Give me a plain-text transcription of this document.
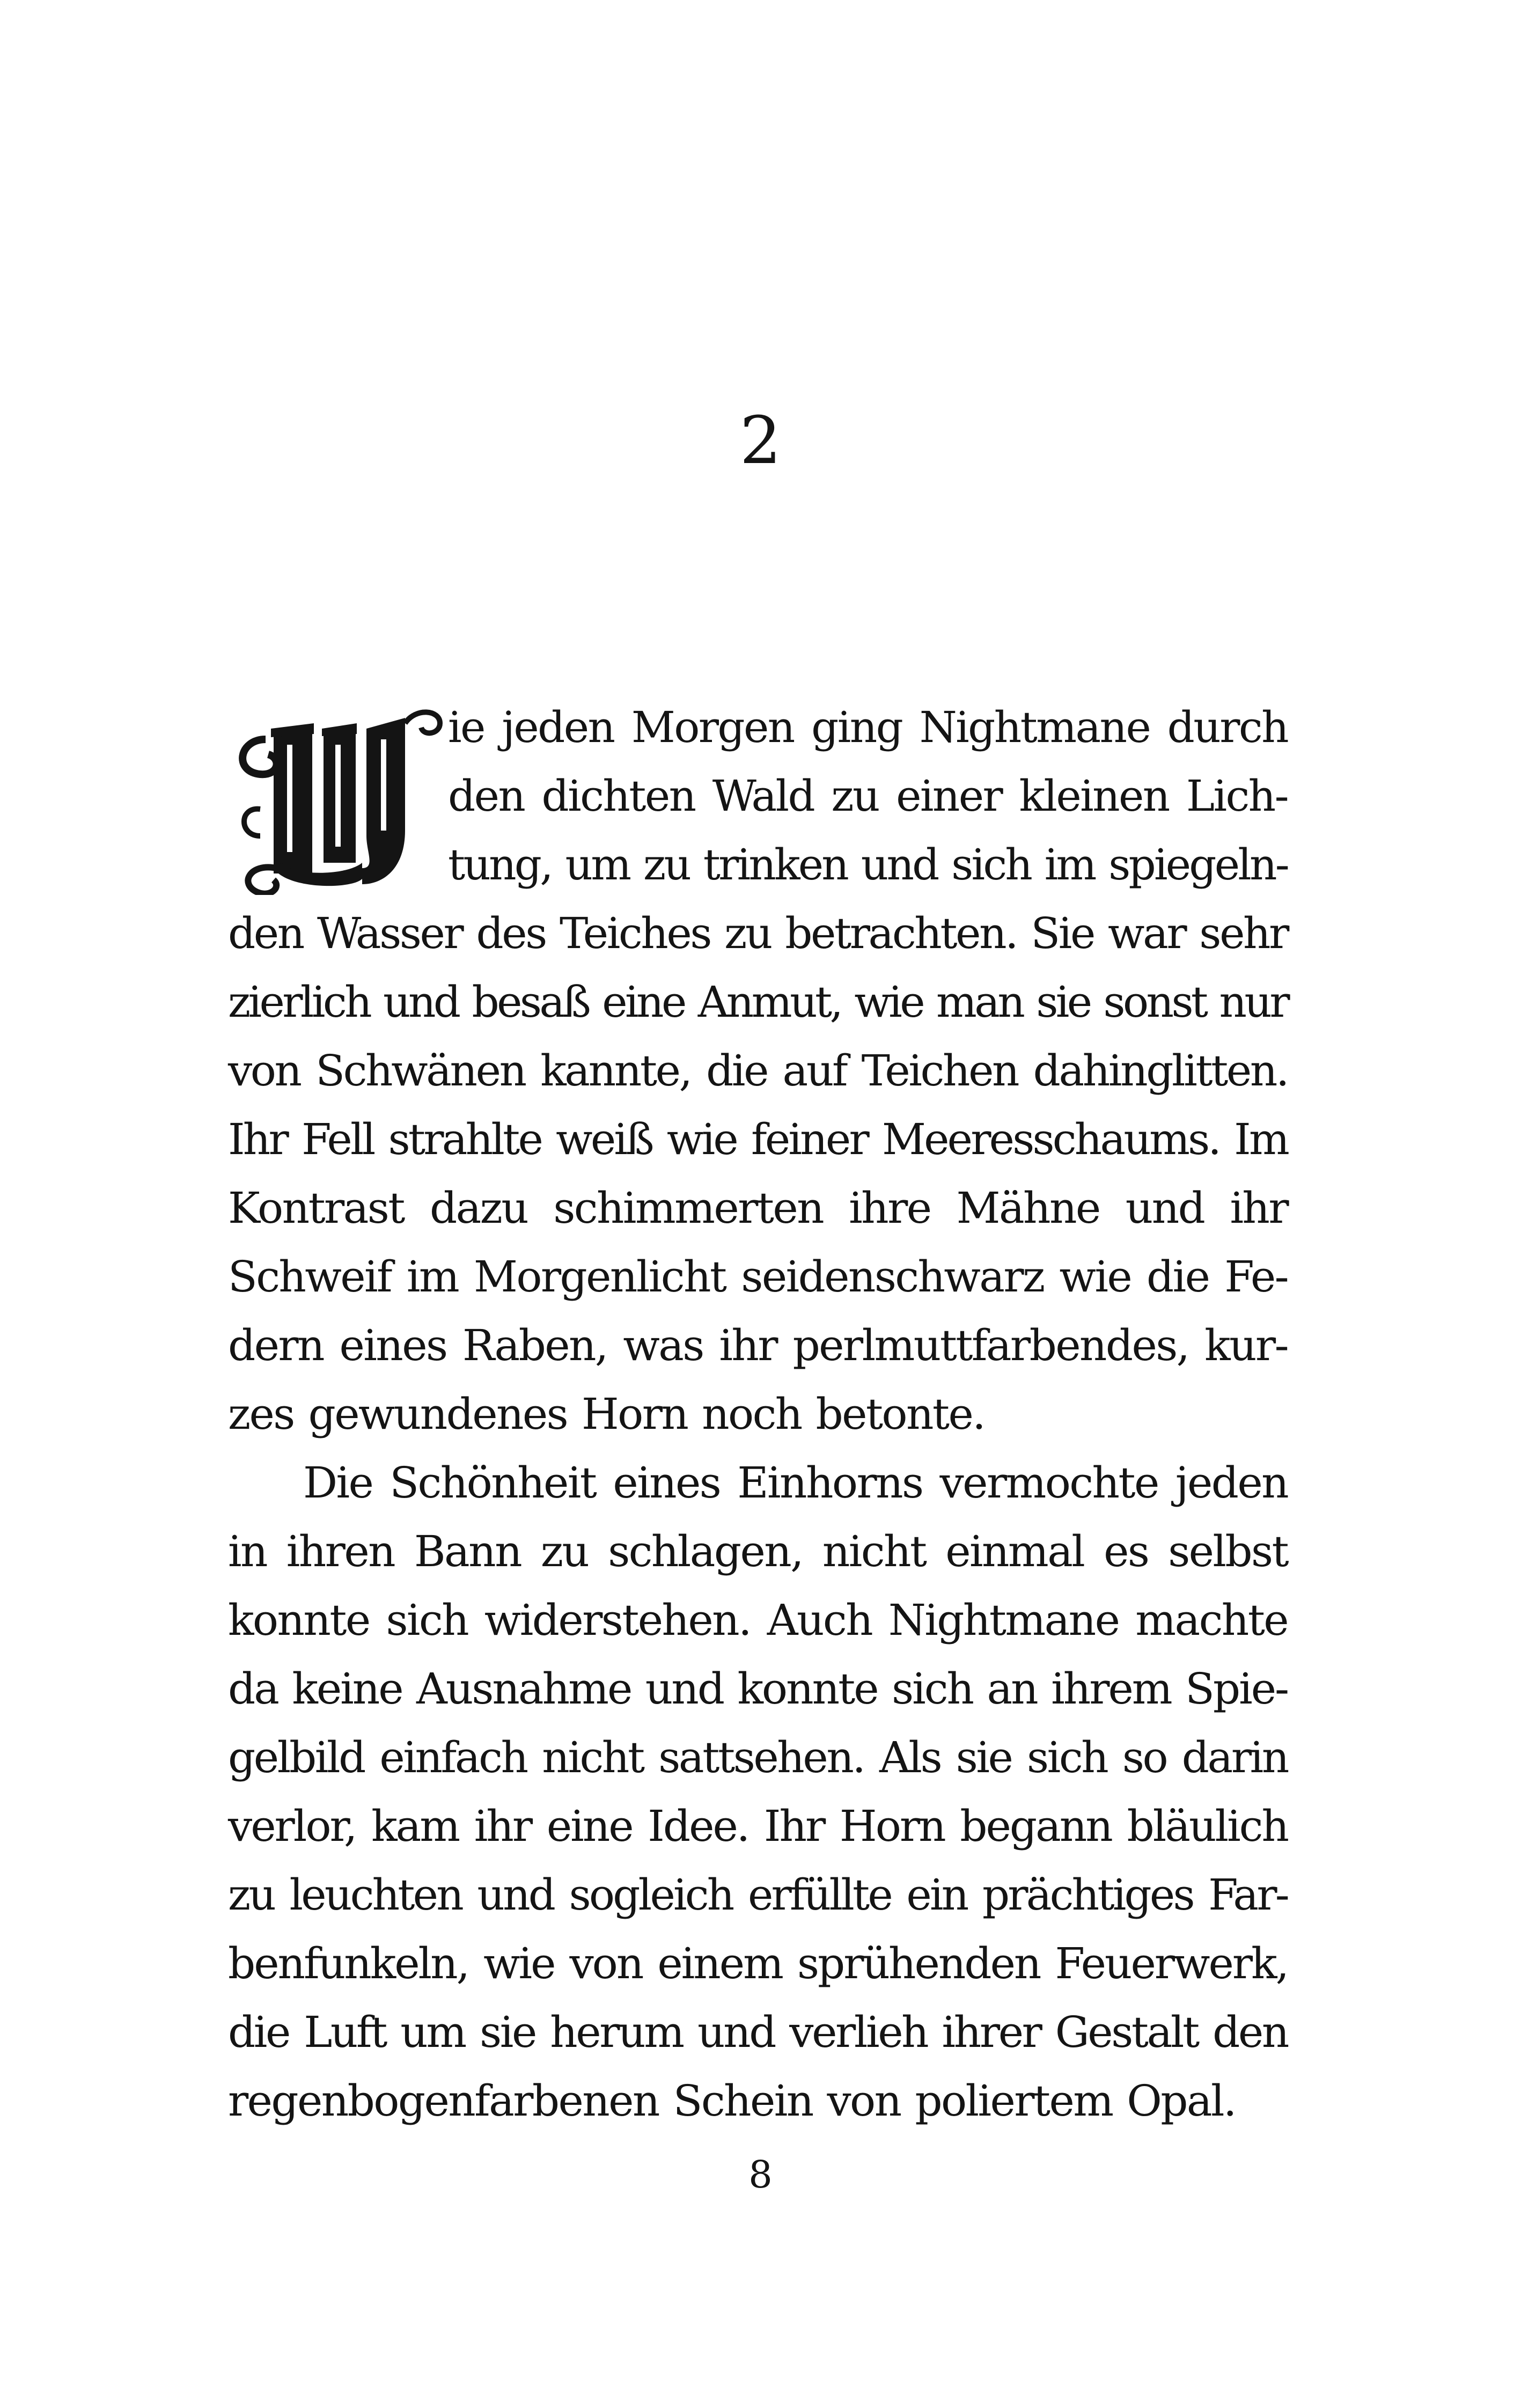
2
ie jeden Morgen ging Nightmane durch
den dichten Wald zu einer kleinen Lich-
tung, um zu trinken und sich im spiegeln-
den Wasser des Teiches zu betrachten. Sie war sehr
zierlich und besaß eine Anmut, wie man sie sonst nur
von Schwänen kannte, die auf Teichen dahinglitten.
Ihr Fell strahlte weiß wie feiner Meeresschaums. Im
Kontrast dazu schimmerten ihre Mähne und ihr
Schweif im Morgenlicht seidenschwarz wie die Fe-
dern eines Raben, was ihr perlmuttfarbendes, kur-
zes gewundenes Horn noch betonte.
Die Schönheit eines Einhorns vermochte jeden
in ihren Bann zu schlagen, nicht einmal es selbst
konnte sich widerstehen. Auch Nightmane machte
da keine Ausnahme und konnte sich an ihrem Spie-
gelbild einfach nicht sattsehen. Als sie sich so darin
verlor, kam ihr eine Idee. Ihr Horn begann bläulich
zu leuchten und sogleich erfüllte ein prächtiges Far-
benfunkeln, wie von einem sprühenden Feuerwerk,
die Luft um sie herum und verlieh ihrer Gestalt den
regenbogenfarbenen Schein von poliertem Opal.
8
